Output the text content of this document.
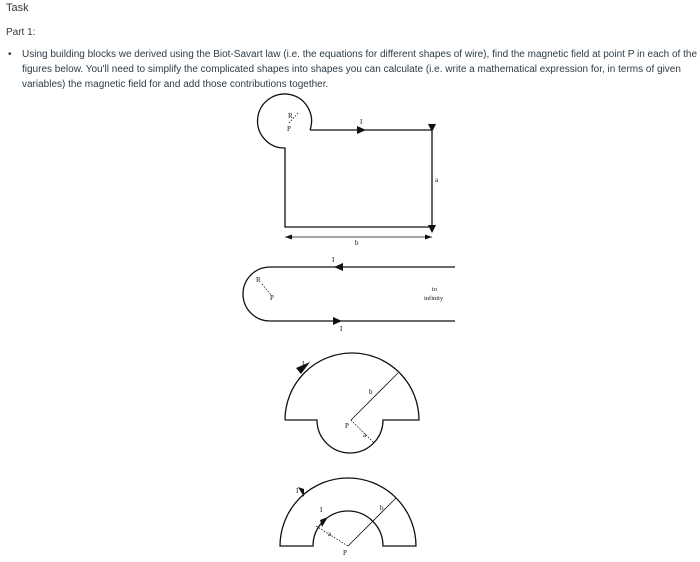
Task
Part 1:
• Using building blocks we derived using the Biot-Savart law (i.e. the equations for different shapes of wire), find the magnetic field at point P in each of the figures below. You'll need to simplify the complicated shapes into shapes you can calculate (i.e. write a mathematical expression for, in terms of given variables) the magnetic field for and add those contributions together.
R
P
I
a
b
R
P
I
I
to
infinity
I
b
P
a
I
I
a
b
P
